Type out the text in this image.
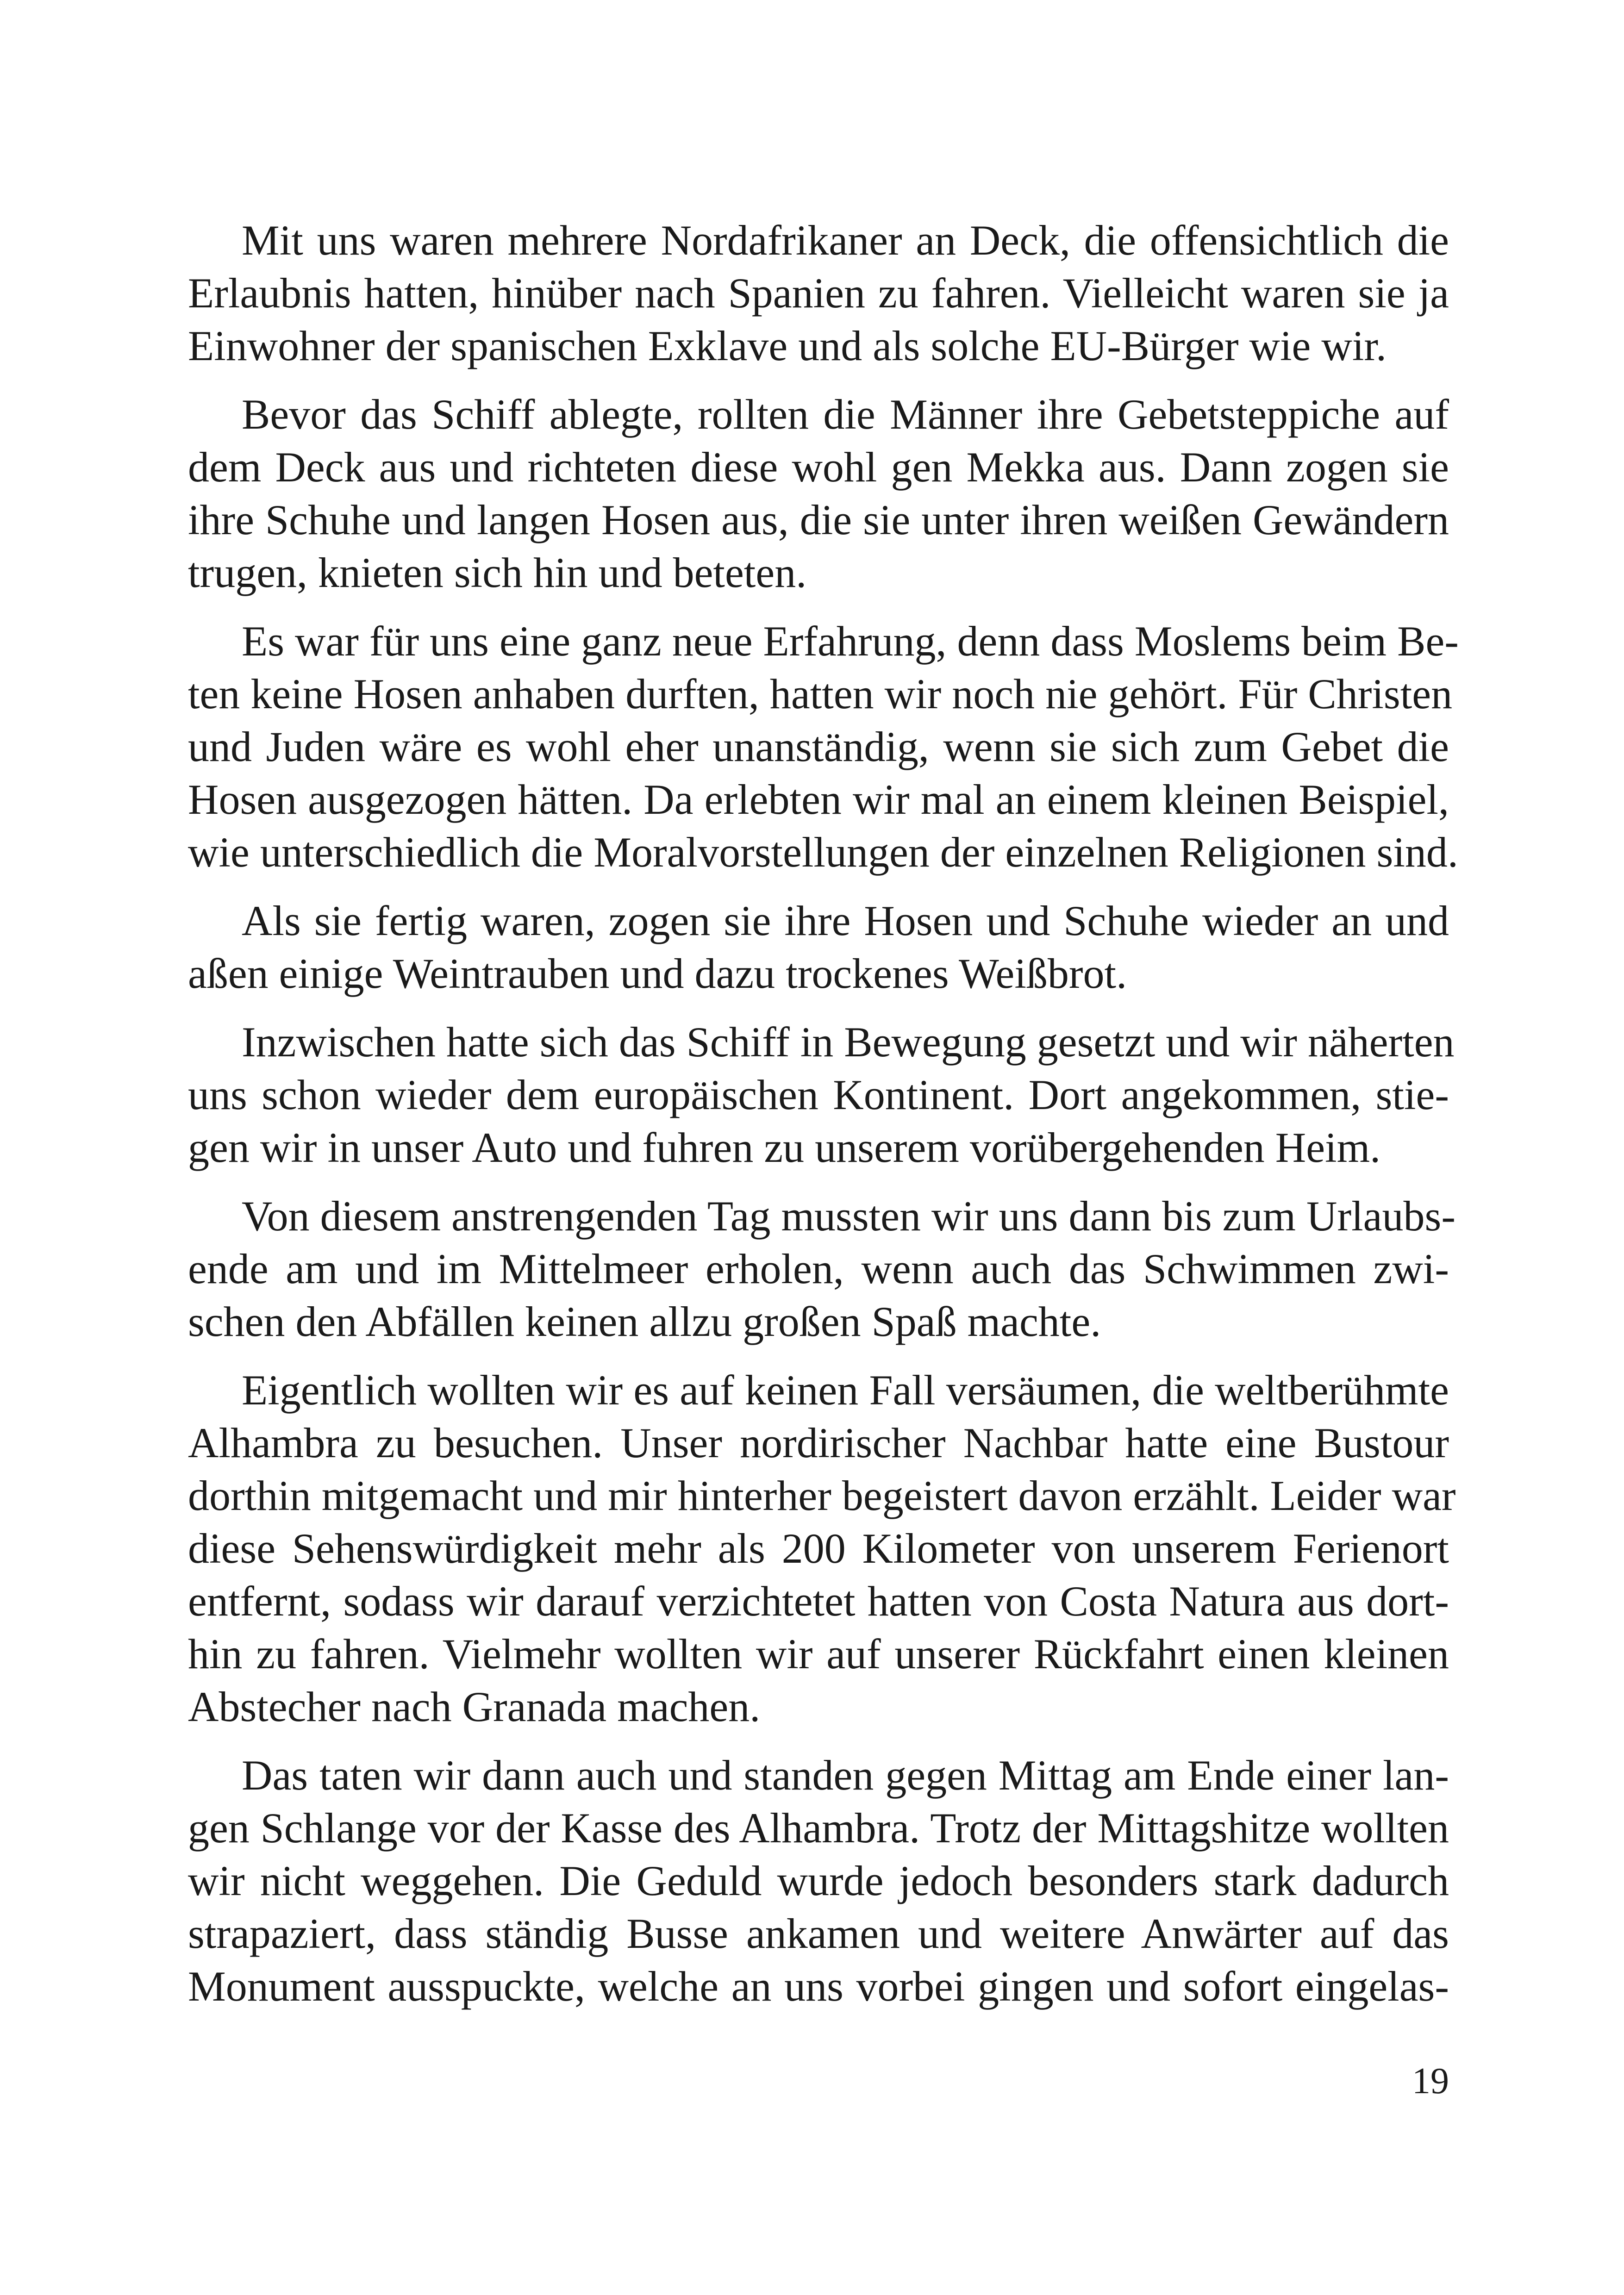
Mit uns waren mehrere Nordafrikaner an Deck, die offensichtlich die
Erlaubnis hatten, hinüber nach Spanien zu fahren. Vielleicht waren sie ja
Einwohner der spanischen Exklave und als solche EU-Bürger wie wir.
Bevor das Schiff ablegte, rollten die Männer ihre Gebetsteppiche auf
dem Deck aus und richteten diese wohl gen Mekka aus. Dann zogen sie
ihre Schuhe und langen Hosen aus, die sie unter ihren weißen Gewändern
trugen, knieten sich hin und beteten.
Es war für uns eine ganz neue Erfahrung, denn dass Moslems beim Be-
ten keine Hosen anhaben durften, hatten wir noch nie gehört. Für Christen
und Juden wäre es wohl eher unanständig, wenn sie sich zum Gebet die
Hosen ausgezogen hätten. Da erlebten wir mal an einem kleinen Beispiel,
wie unterschiedlich die Moralvorstellungen der einzelnen Religionen sind.
Als sie fertig waren, zogen sie ihre Hosen und Schuhe wieder an und
aßen einige Weintrauben und dazu trockenes Weißbrot.
Inzwischen hatte sich das Schiff in Bewegung gesetzt und wir näherten
uns schon wieder dem europäischen Kontinent. Dort angekommen, stie-
gen wir in unser Auto und fuhren zu unserem vorübergehenden Heim.
Von diesem anstrengenden Tag mussten wir uns dann bis zum Urlaubs-
ende am und im Mittelmeer erholen, wenn auch das Schwimmen zwi-
schen den Abfällen keinen allzu großen Spaß machte.
Eigentlich wollten wir es auf keinen Fall versäumen, die weltberühmte
Alhambra zu besuchen. Unser nordirischer Nachbar hatte eine Bustour
dorthin mitgemacht und mir hinterher begeistert davon erzählt. Leider war
diese Sehenswürdigkeit mehr als 200 Kilometer von unserem Ferienort
entfernt, sodass wir darauf verzichtetet hatten von Costa Natura aus dort-
hin zu fahren. Vielmehr wollten wir auf unserer Rückfahrt einen kleinen
Abstecher nach Granada machen.
Das taten wir dann auch und standen gegen Mittag am Ende einer lan-
gen Schlange vor der Kasse des Alhambra. Trotz der Mittagshitze wollten
wir nicht weggehen. Die Geduld wurde jedoch besonders stark dadurch
strapaziert, dass ständig Busse ankamen und weitere Anwärter auf das
Monument ausspuckte, welche an uns vorbei gingen und sofort eingelas-
19
